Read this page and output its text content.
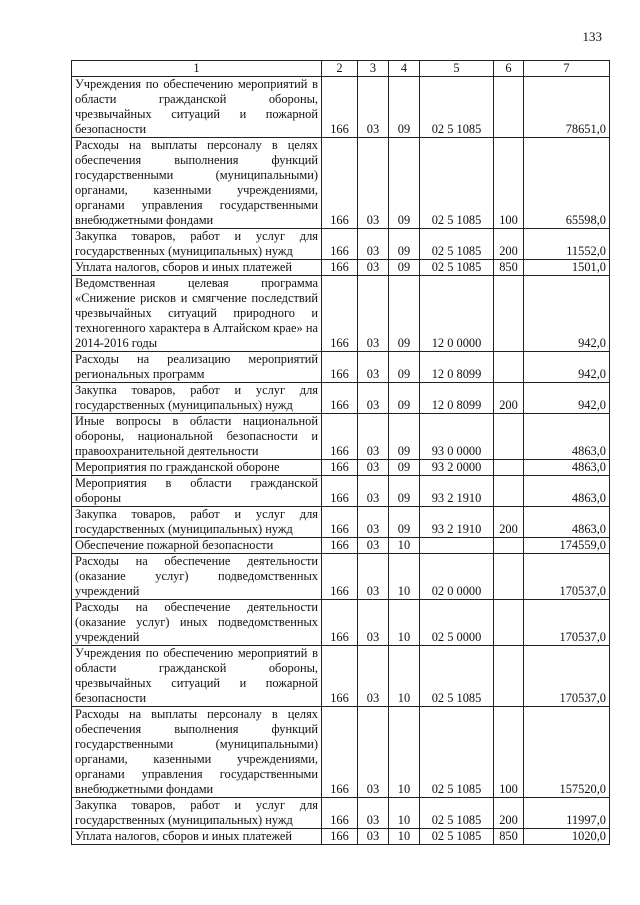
133
1	2	3	4	5	6	7
Учреждения по обеспечению мероприятий в области гражданской обороны, чрезвычайных ситуаций и пожарной безопасности	166	03	09	02 5 1085		78651,0
Расходы на выплаты персоналу в целях обеспечения выполнения функций государственными (муниципальными) органами, казенными учреждениями, органами управления государственными внебюджетными фондами	166	03	09	02 5 1085	100	65598,0
Закупка товаров, работ и услуг для государственных (муниципальных) нужд	166	03	09	02 5 1085	200	11552,0
Уплата налогов, сборов и иных платежей	166	03	09	02 5 1085	850	1501,0
Ведомственная целевая программа «Снижение рисков и смягчение последствий чрезвычайных ситуаций природного и техногенного характера в Алтайском крае» на 2014-2016 годы	166	03	09	12 0 0000		942,0
Расходы на реализацию мероприятий региональных программ	166	03	09	12 0 8099		942,0
Закупка товаров, работ и услуг для государственных (муниципальных) нужд	166	03	09	12 0 8099	200	942,0
Иные вопросы в области национальной обороны, национальной безопасности и правоохранительной деятельности	166	03	09	93 0 0000		4863,0
Мероприятия по гражданской обороне	166	03	09	93 2 0000		4863,0
Мероприятия в области гражданской обороны	166	03	09	93 2 1910		4863,0
Закупка товаров, работ и услуг для государственных (муниципальных) нужд	166	03	09	93 2 1910	200	4863,0
Обеспечение пожарной безопасности	166	03	10			174559,0
Расходы на обеспечение деятельности (оказание услуг) подведомственных учреждений	166	03	10	02 0 0000		170537,0
Расходы на обеспечение деятельности (оказание услуг) иных подведомственных учреждений	166	03	10	02 5 0000		170537,0
Учреждения по обеспечению мероприятий в области гражданской обороны, чрезвычайных ситуаций и пожарной безопасности	166	03	10	02 5 1085		170537,0
Расходы на выплаты персоналу в целях обеспечения выполнения функций государственными (муниципальными) органами, казенными учреждениями, органами управления государственными внебюджетными фондами	166	03	10	02 5 1085	100	157520,0
Закупка товаров, работ и услуг для государственных (муниципальных) нужд	166	03	10	02 5 1085	200	11997,0
Уплата налогов, сборов и иных платежей	166	03	10	02 5 1085	850	1020,0
